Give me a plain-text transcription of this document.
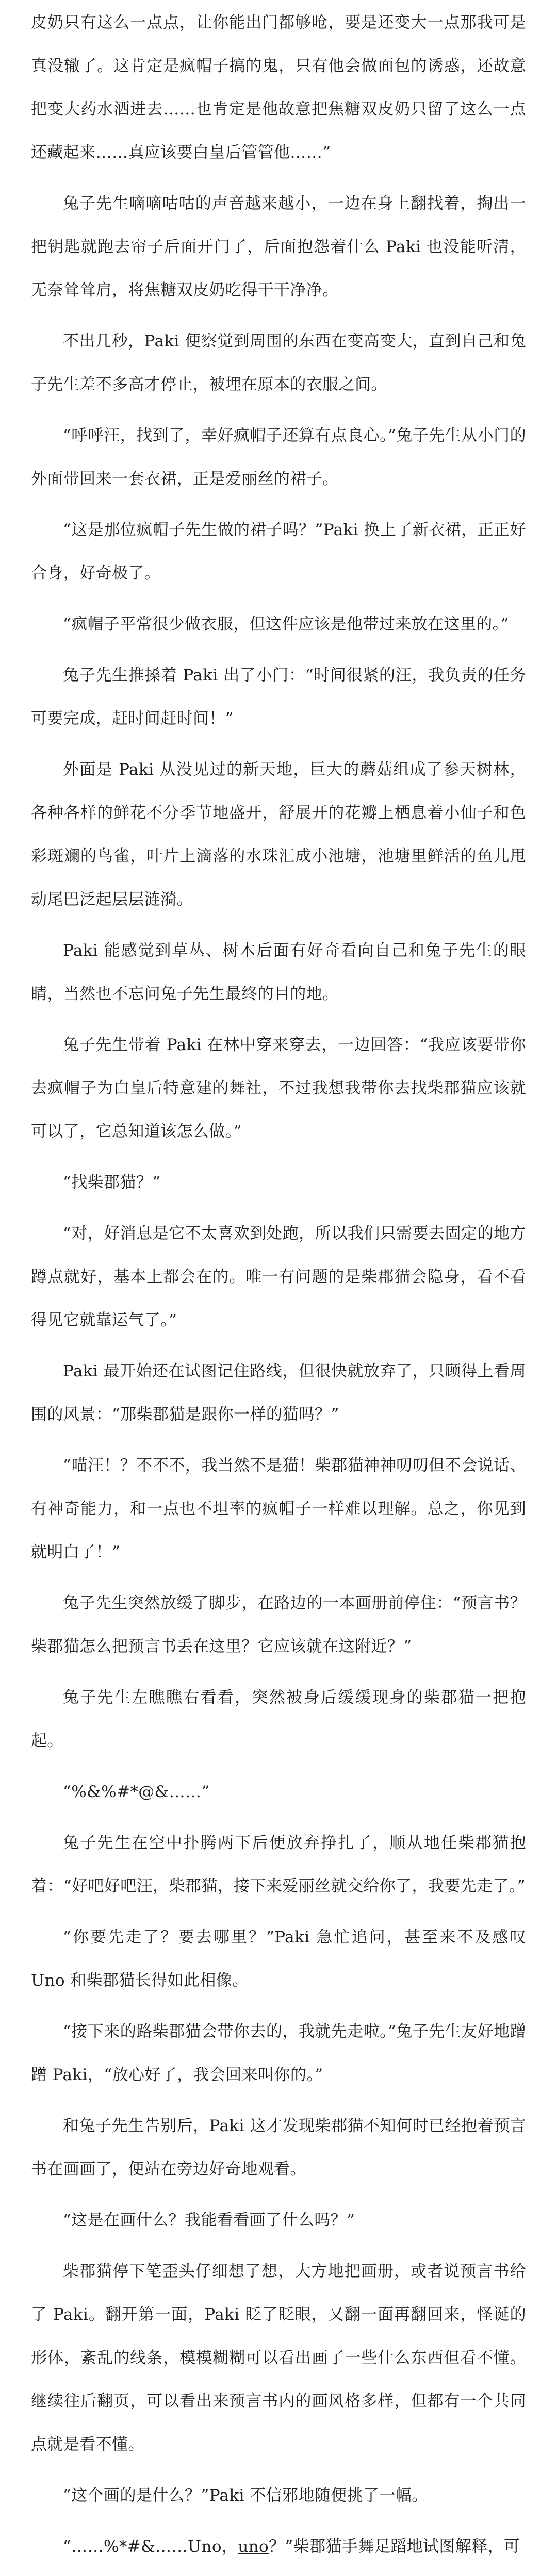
皮奶只有这么一点点，让你能出门都够呛，要是还变大一点那我可是真没辙了。这肯定是疯帽子搞的鬼，只有他会做面包的诱惑，还故意把变大药水洒进去……也肯定是他故意把焦糖双皮奶只留了这么一点还藏起来……真应该要白皇后管管他……”

兔子先生嘀嘀咕咕的声音越来越小，一边在身上翻找着，掏出一把钥匙就跑去帘子后面开门了，后面抱怨着什么 Paki 也没能听清，无奈耸耸肩，将焦糖双皮奶吃得干干净净。

不出几秒，Paki 便察觉到周围的东西在变高变大，直到自己和兔子先生差不多高才停止，被埋在原本的衣服之间。

“呼呼汪，找到了，幸好疯帽子还算有点良心。”兔子先生从小门的外面带回来一套衣裙，正是爱丽丝的裙子。

“这是那位疯帽子先生做的裙子吗？”Paki 换上了新衣裙，正正好合身，好奇极了。

“疯帽子平常很少做衣服，但这件应该是他带过来放在这里的。”

兔子先生推搡着 Paki 出了小门：“时间很紧的汪，我负责的任务可要完成，赶时间赶时间！”

外面是 Paki 从没见过的新天地，巨大的蘑菇组成了参天树林，各种各样的鲜花不分季节地盛开，舒展开的花瓣上栖息着小仙子和色彩斑斓的鸟雀，叶片上滴落的水珠汇成小池塘，池塘里鲜活的鱼儿甩动尾巴泛起层层涟漪。

Paki 能感觉到草丛、树木后面有好奇看向自己和兔子先生的眼睛，当然也不忘问兔子先生最终的目的地。

兔子先生带着 Paki 在林中穿来穿去，一边回答：“我应该要带你去疯帽子为白皇后特意建的舞社，不过我想我带你去找柴郡猫应该就可以了，它总知道该怎么做。”

“找柴郡猫？”

“对，好消息是它不太喜欢到处跑，所以我们只需要去固定的地方蹲点就好，基本上都会在的。唯一有问题的是柴郡猫会隐身，看不看得见它就靠运气了。”

Paki 最开始还在试图记住路线，但很快就放弃了，只顾得上看周围的风景：“那柴郡猫是跟你一样的猫吗？”

“喵汪！？不不不，我当然不是猫！柴郡猫神神叨叨但不会说话、有神奇能力，和一点也不坦率的疯帽子一样难以理解。总之，你见到就明白了！”

兔子先生突然放缓了脚步，在路边的一本画册前停住：“预言书？柴郡猫怎么把预言书丢在这里？它应该就在这附近？”

兔子先生左瞧瞧右看看，突然被身后缓缓现身的柴郡猫一把抱起。

“%&%#*@&……”

兔子先生在空中扑腾两下后便放弃挣扎了，顺从地任柴郡猫抱着：“好吧好吧汪，柴郡猫，接下来爱丽丝就交给你了，我要先走了。”

“你要先走了？要去哪里？”Paki 急忙追问，甚至来不及感叹 Uno 和柴郡猫长得如此相像。

“接下来的路柴郡猫会带你去的，我就先走啦。”兔子先生友好地蹭蹭 Paki，“放心好了，我会回来叫你的。”

和兔子先生告别后，Paki 这才发现柴郡猫不知何时已经抱着预言书在画画了，便站在旁边好奇地观看。

“这是在画什么？我能看看画了什么吗？”

柴郡猫停下笔歪头仔细想了想，大方地把画册，或者说预言书给了 Paki。翻开第一面，Paki 眨了眨眼，又翻一面再翻回来，怪诞的形体，紊乱的线条，模模糊糊可以看出画了一些什么东西但看不懂。继续往后翻页，可以看出来预言书内的画风格多样，但都有一个共同点就是看不懂。

“这个画的是什么？”Paki 不信邪地随便挑了一幅。

“……%*#&……Uno，uno？”柴郡猫手舞足蹈地试图解释，可
